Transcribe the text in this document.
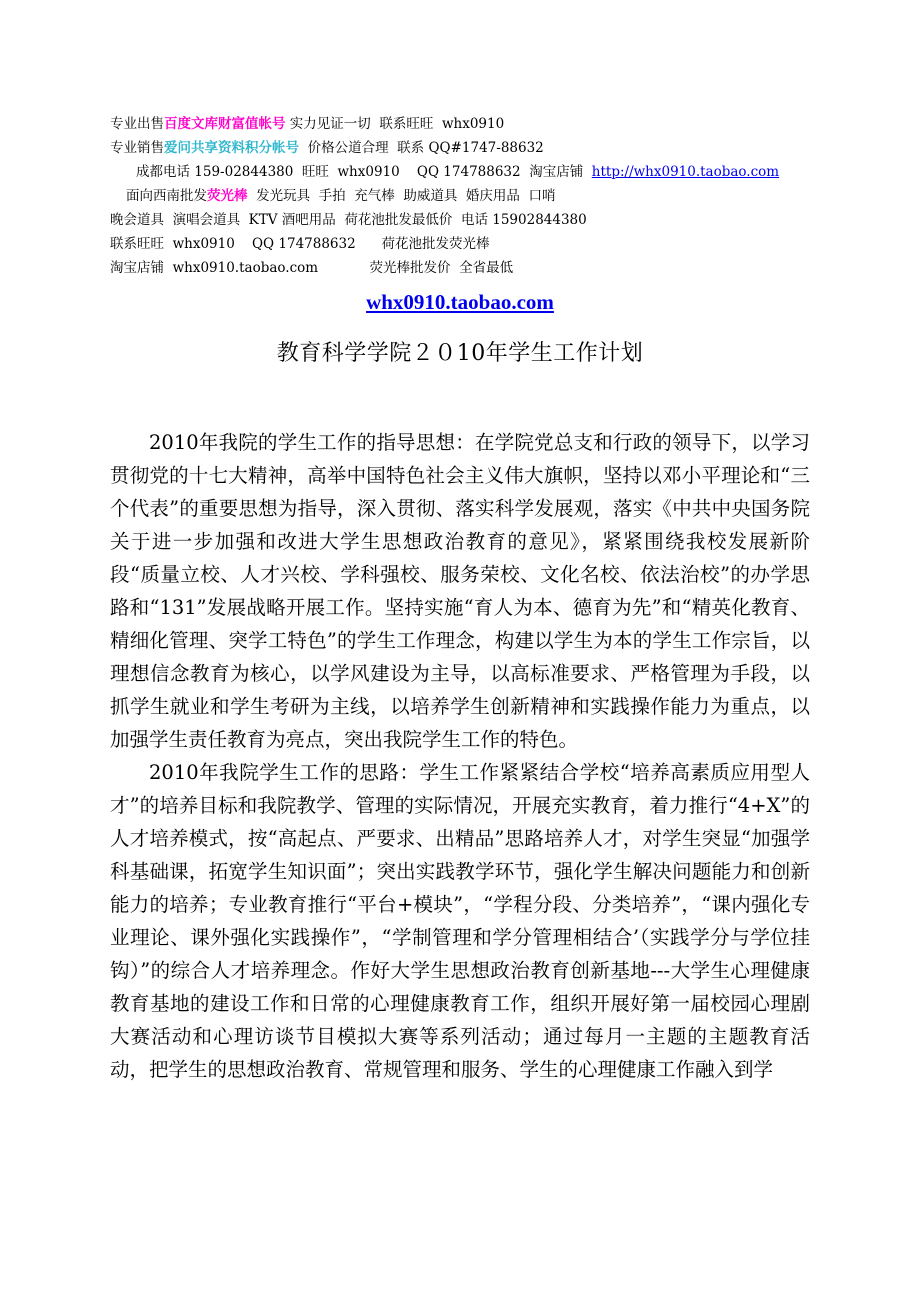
专业出售百度文库财富值帐号 实力见证一切  联系旺旺  whx0910
专业销售爱问共享资料积分帐号  价格公道合理  联系 QQ#1747-88632
成都电话 159-02844380  旺旺  whx0910    QQ 174788632  淘宝店铺  http://whx0910.taobao.com
面向西南批发荧光棒  发光玩具  手拍  充气棒  助威道具  婚庆用品  口哨
晚会道具  演唱会道具  KTV 酒吧用品  荷花池批发最低价  电话 15902844380
联系旺旺  whx0910    QQ 174788632      荷花池批发荧光棒
淘宝店铺  whx0910.taobao.com            荧光棒批发价  全省最低
whx0910.taobao.com
教育科学学院２０10年学生工作计划

2010年我院的学生工作的指导思想：在学院党总支和行政的领导下，以学习贯彻党的十七大精神，高举中国特色社会主义伟大旗帜，坚持以邓小平理论和“三个代表”的重要思想为指导，深入贯彻、落实科学发展观，落实《中共中央国务院关于进一步加强和改进大学生思想政治教育的意见》，紧紧围绕我校发展新阶段“质量立校、人才兴校、学科强校、服务荣校、文化名校、依法治校”的办学思路和“131”发展战略开展工作。坚持实施“育人为本、德育为先”和“精英化教育、精细化管理、突学工特色”的学生工作理念，构建以学生为本的学生工作宗旨，以理想信念教育为核心，以学风建设为主导，以高标准要求、严格管理为手段，以抓学生就业和学生考研为主线，以培养学生创新精神和实践操作能力为重点，以加强学生责任教育为亮点，突出我院学生工作的特色。

2010年我院学生工作的思路：学生工作紧紧结合学校“培养高素质应用型人才”的培养目标和我院教学、管理的实际情况，开展充实教育，着力推行“4+X”的人才培养模式，按“高起点、严要求、出精品”思路培养人才，对学生突显“加强学科基础课，拓宽学生知识面”；突出实践教学环节，强化学生解决问题能力和创新能力的培养；专业教育推行“平台+模块”，“学程分段、分类培养”，“课内强化专业理论、课外强化实践操作”，“学制管理和学分管理相结合’（实践学分与学位挂钩）”的综合人才培养理念。作好大学生思想政治教育创新基地---大学生心理健康教育基地的建设工作和日常的心理健康教育工作，组织开展好第一届校园心理剧大赛活动和心理访谈节目模拟大赛等系列活动；通过每月一主题的主题教育活动，把学生的思想政治教育、常规管理和服务、学生的心理健康工作融入到学
